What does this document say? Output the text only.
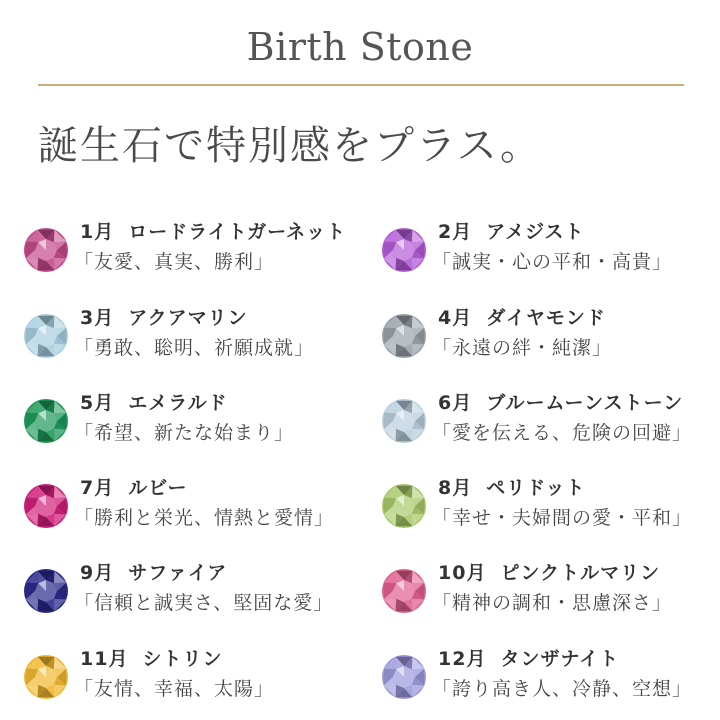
Birth Stone
誕生石で特別感をプラス。
1月 ロードライトガーネット
「友愛、真実、勝利」
2月 アメジスト
「誠実・心の平和・高貴」
3月 アクアマリン
「勇敢、聡明、祈願成就」
4月 ダイヤモンド
「永遠の絆・純潔」
5月 エメラルド
「希望、新たな始まり」
6月 ブルームーンストーン
「愛を伝える、危険の回避」
7月 ルビー
「勝利と栄光、情熱と愛情」
8月 ペリドット
「幸せ・夫婦間の愛・平和」
9月 サファイア
「信頼と誠実さ、堅固な愛」
10月 ピンクトルマリン
「精神の調和・思慮深さ」
11月 シトリン
「友情、幸福、太陽」
12月 タンザナイト
「誇り高き人、冷静、空想」
